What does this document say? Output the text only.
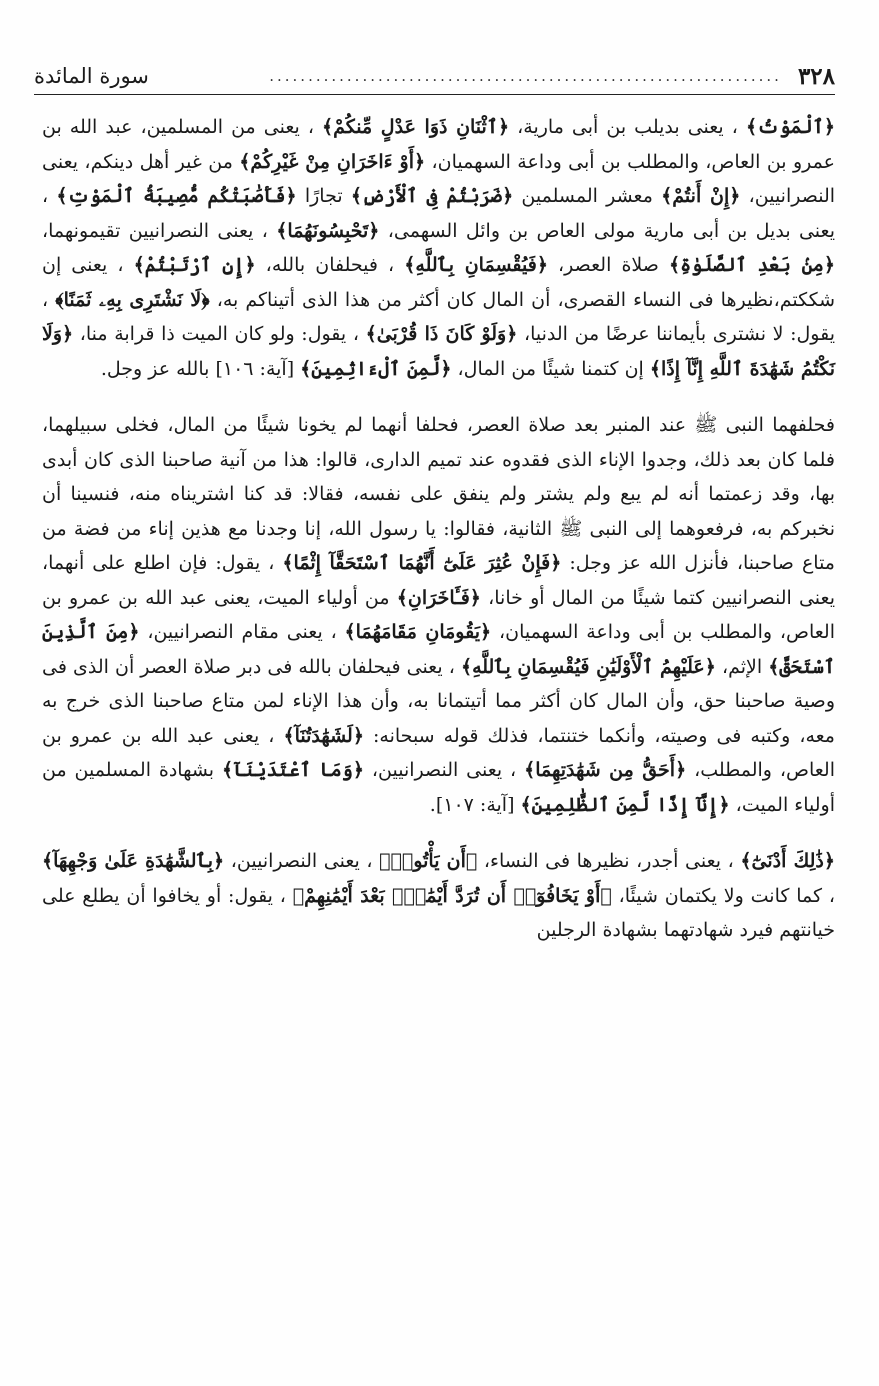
٣٢٨
..................................................................
سورة المائدة

﴿ٱلْمَوْتُ﴾ ، يعنى بديلب بن أبى مارية، ﴿ٱثْنَانِ ذَوَا عَدْلٍ مِّنكُمْ﴾ ، يعنى من المسلمين، عبد الله بن عمرو بن العاص، والمطلب بن أبى وداعة السهميان، ﴿أَوْ ءَاخَرَانِ مِنْ غَيْرِكُمْ﴾ من غير أهل دينكم، يعنى النصرانيين، ﴿إِنْ أَنتُمْ﴾ معشر المسلمين ﴿ضَرَبْتُمْ فِى ٱلْأَرْضِ﴾ تجارًا ﴿فَأَصَٰبَتْكُم مُّصِيبَةُ ٱلْمَوْتِ﴾ ، يعنى بديل بن أبى مارية مولى العاص بن وائل السهمى، ﴿تَحْبِسُونَهُمَا﴾ ، يعنى النصرانيين تقيمونهما، ﴿مِنۢ بَعْدِ ٱلصَّلَوٰةِ﴾ صلاة العصر، ﴿فَيُقْسِمَانِ بِٱللَّهِ﴾ ، فيحلفان بالله، ﴿إِنِ ٱرْتَبْتُمْ﴾ ، يعنى إن شككتم،نظيرها فى النساء القصرى، أن المال كان أكثر من هذا الذى أتيناكم به، ﴿لَا نَشْتَرِى بِهِۦ ثَمَنًا﴾ ، يقول: لا نشترى بأيماننا عرضًا من الدنيا، ﴿وَلَوْ كَانَ ذَا قُرْبَىٰ﴾ ، يقول: ولو كان الميت ذا قرابة منا، ﴿وَلَا نَكْتُمُ شَهَٰدَةَ ٱللَّهِ إِنَّآ إِذًا﴾ إن كتمنا شيئًا من المال، ﴿لَّمِنَ ٱلْءَاثِمِينَ﴾ [آية: ١٠٦] بالله عز وجل.

فحلفهما النبى ﷺ عند المنبر بعد صلاة العصر، فحلفا أنهما لم يخونا شيئًا من المال، فخلى سبيلهما، فلما كان بعد ذلك، وجدوا الإناء الذى فقدوه عند تميم الدارى، قالوا: هذا من آنية صاحبنا الذى كان أبدى بها، وقد زعمتما أنه لم يبع ولم يشتر ولم ينفق على نفسه، فقالا: قد كنا اشتريناه منه، فنسينا أن نخبركم به، فرفعوهما إلى النبى ﷺ الثانية، فقالوا: يا رسول الله، إنا وجدنا مع هذين إناء من فضة من متاع صاحبنا، فأنزل الله عز وجل: ﴿فَإِنْ عُثِرَ عَلَىٰٓ أَنَّهُمَا ٱسْتَحَقَّآ إِثْمًا﴾ ، يقول: فإن اطلع على أنهما، يعنى النصرانيين كتما شيئًا من المال أو خانا، ﴿فَـَٔاخَرَانِ﴾ من أولياء الميت، يعنى عبد الله بن عمرو بن العاص، والمطلب بن أبى وداعة السهميان، ﴿يَقُومَانِ مَقَامَهُمَا﴾ ، يعنى مقام النصرانيين، ﴿مِنَ ٱلَّذِينَ ٱسْتَحَقَّ﴾ الإثم، ﴿عَلَيْهِمُ ٱلْأَوْلَيَٰنِ فَيُقْسِمَانِ بِٱللَّهِ﴾ ، يعنى فيحلفان بالله فى دبر صلاة العصر أن الذى فى وصية صاحبنا حق، وأن المال كان أكثر مما أتيتمانا به، وأن هذا الإناء لمن متاع صاحبنا الذى خرج به معه، وكتبه فى وصيته، وأنكما ختنتما، فذلك قوله سبحانه: ﴿لَشَهَٰدَتُنَآ﴾ ، يعنى عبد الله بن عمرو بن العاص، والمطلب، ﴿أَحَقُّ مِن شَهَٰدَتِهِمَا﴾ ، يعنى النصرانيين، ﴿وَمَا ٱعْتَدَيْنَآ﴾ بشهادة المسلمين من أولياء الميت، ﴿إِنَّآ إِذًا لَّمِنَ ٱلظَّٰلِمِينَ﴾ [آية: ١٠٧].

﴿ذَٰلِكَ أَدْنَىٰٓ﴾ ، يعنى أجدر، نظيرها فى النساء، ﴿أَن يَأْتُوا۟﴾ ، يعنى النصرانيين، ﴿بِٱلشَّهَٰدَةِ عَلَىٰ وَجْهِهَآ﴾ ، كما كانت ولا يكتمان شيئًا، ﴿أَوْ يَخَافُوٓا۟ أَن تُرَدَّ أَيْمَٰنٌۢ بَعْدَ أَيْمَٰنِهِمْ﴾ ، يقول: أو يخافوا أن يطلع على خيانتهم فيرد شهادتهما بشهادة الرجلين
